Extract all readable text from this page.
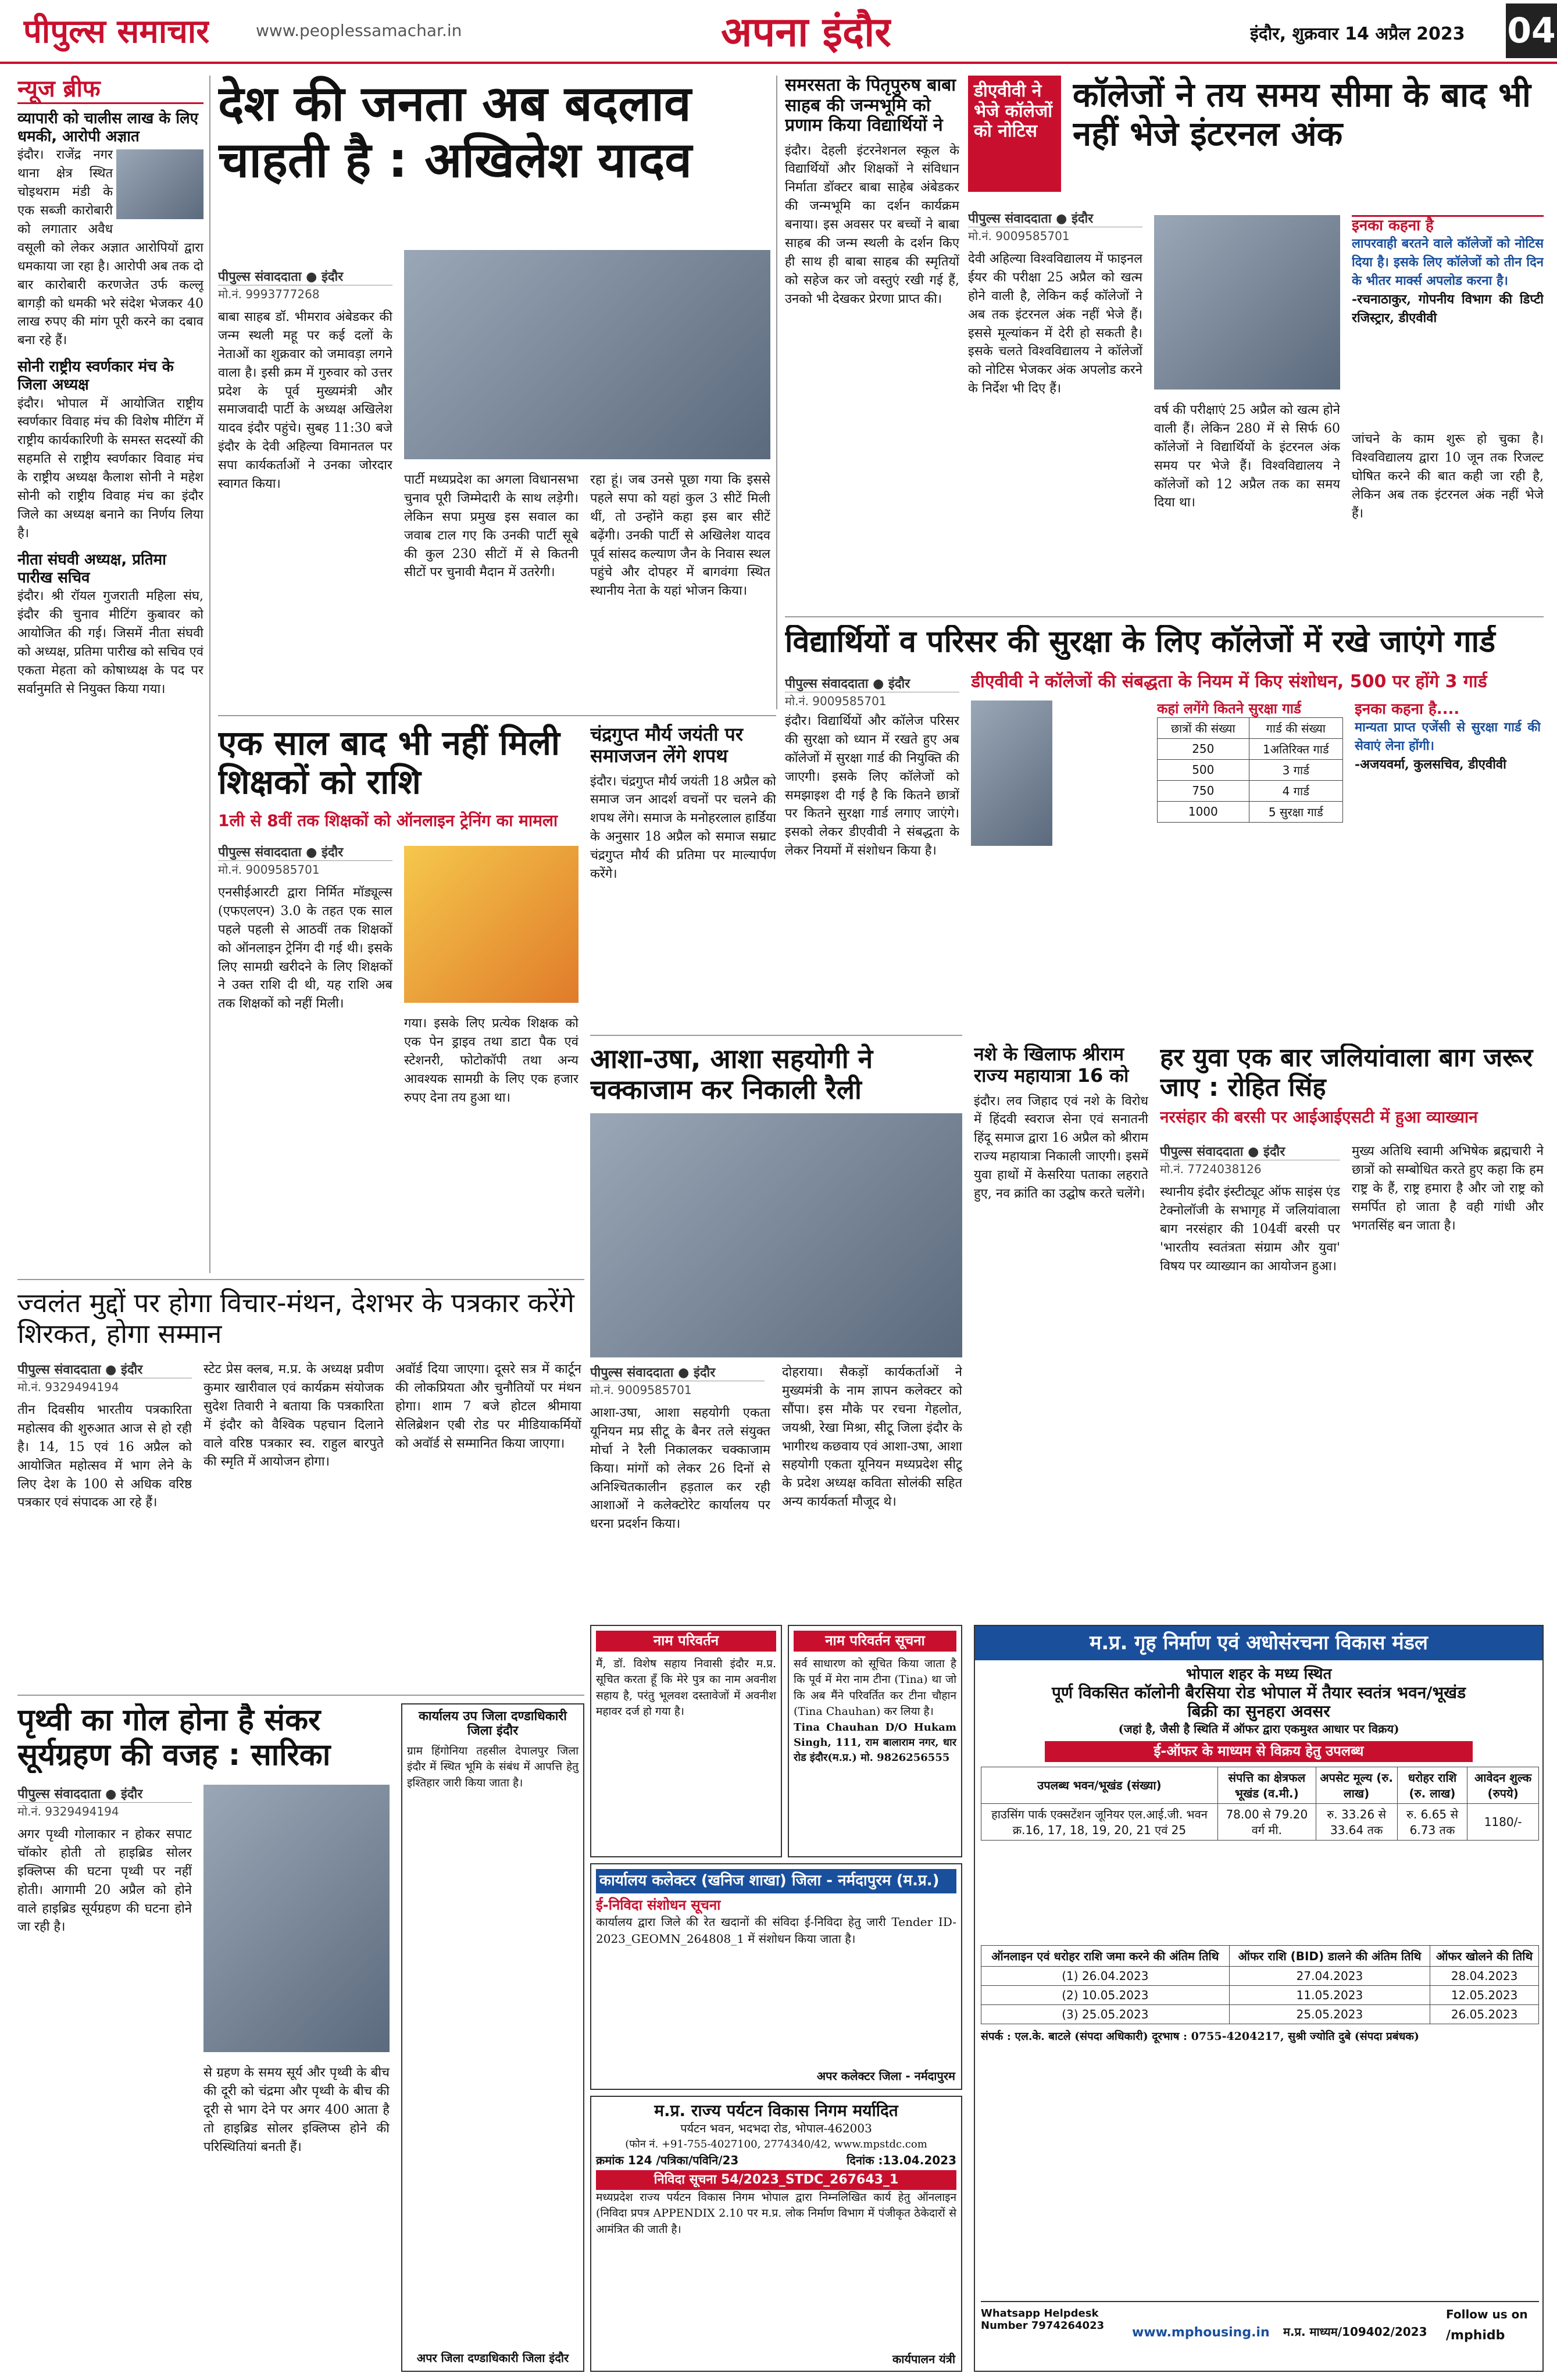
पीपुल्स समाचार	www.peoplessamachar.in	अपना इंदौर	इंदौर, शुक्रवार 14 अप्रैल 2023 04
न्यूज ब्रीफ
व्यापारी को चालीस लाख के लिए धमकी, आरोपी अज्ञात
इंदौर। राजेंद्र नगर थाना क्षेत्र स्थित चोइथराम मंडी के एक सब्जी कारोबारी को लगातार अवैध वसूली को लेकर अज्ञात आरोपियों द्वारा धमकाया जा रहा है। आरोपी अब तक दो बार कारोबारी करणजेत उर्फ कल्लू बागड़ी को धमकी भरे संदेश भेजकर 40 लाख रुपए की मांग पूरी करने का दबाव बना रहे हैं।
सोनी राष्ट्रीय स्वर्णकार मंच के जिला अध्यक्ष
इंदौर। भोपाल में आयोजित राष्ट्रीय स्वर्णकार विवाह मंच की विशेष मीटिंग में राष्ट्रीय कार्यकारिणी के समस्त सदस्यों की सहमति से राष्ट्रीय स्वर्णकार विवाह मंच के राष्ट्रीय अध्यक्ष कैलाश सोनी ने महेश सोनी को राष्ट्रीय विवाह मंच का इंदौर जिले का अध्यक्ष बनाने का निर्णय लिया है।
नीता संघवी अध्यक्ष, प्रतिमा पारीख सचिव
इंदौर। श्री रॉयल गुजराती महिला संघ, इंदौर की चुनाव मीटिंग कुबावर को आयोजित की गई। जिसमें नीता संघवी को अध्यक्ष, प्रतिमा पारीख को सचिव एवं एकता मेहता को कोषाध्यक्ष के पद पर सर्वानुमति से नियुक्त किया गया।
देश की जनता अब बदलाव चाहती है : अखिलेश यादव
पीपुल्स संवाददाता ● इंदौर
मो.नं. 9993777268
बाबा साहब डॉ. भीमराव अंबेडकर की जन्म स्थली महू पर कई दलों के नेताओं का शुक्रवार को जमावड़ा लगने वाला है। इसी क्रम में गुरुवार को उत्तर प्रदेश के पूर्व मुख्यमंत्री और समाजवादी पार्टी के अध्यक्ष अखिलेश यादव इंदौर पहुंचे। सुबह 11:30 बजे इंदौर के देवी अहिल्या विमानतल पर सपा कार्यकर्ताओं ने उनका जोरदार स्वागत किया।	पार्टी मध्यप्रदेश का अगला विधानसभा चुनाव पूरी जिम्मेदारी के साथ लड़ेगी। लेकिन सपा प्रमुख इस सवाल का जवाब टाल गए कि उनकी पार्टी सूबे की कुल 230 सीटों में से कितनी सीटों पर चुनावी मैदान में उतरेगी।
रहा हूं। जब उनसे पूछा गया कि इससे पहले सपा को यहां कुल 3 सीटें मिली थीं, तो उन्होंने कहा इस बार सीटें बढ़ेंगी। उनकी पार्टी से अखिलेश यादव पूर्व सांसद कल्याण जैन के निवास स्थल पहुंचे और दोपहर में बागवंगा स्थित स्थानीय नेता के यहां भोजन किया।
समरसता के पितृपुरुष बाबा साहब की जन्मभूमि को प्रणाम किया विद्यार्थियों ने
इंदौर। देहली इंटरनेशनल स्कूल के विद्यार्थियों और शिक्षकों ने संविधान निर्माता डॉक्टर बाबा साहेब अंबेडकर की जन्मभूमि का दर्शन कार्यक्रम बनाया। इस अवसर पर बच्चों ने बाबा साहब की जन्म स्थली के दर्शन किए ही साथ ही बाबा साहब की स्मृतियों को सहेज कर जो वस्तुएं रखी गई हैं, उनको भी देखकर प्रेरणा प्राप्त की।
डीएवीवी ने भेजे कॉलेजों को नोटिस
कॉलेजों ने तय समय सीमा के बाद भी नहीं भेजे इंटरनल अंक
पीपुल्स संवाददाता ● इंदौर
मो.नं. 9009585701
देवी अहिल्या विश्वविद्यालय में फाइनल ईयर की परीक्षा 25 अप्रैल को खत्म होने वाली है, लेकिन कई कॉलेजों ने अब तक इंटरनल अंक नहीं भेजे हैं। इससे मूल्यांकन में देरी हो सकती है। इसके चलते विश्वविद्यालय ने कॉलेजों को नोटिस भेजकर अंक अपलोड करने के निर्देश भी दिए हैं।
वर्ष की परीक्षाएं 25 अप्रैल को खत्म होने वाली हैं। लेकिन 280 में से सिर्फ 60 कॉलेजों ने विद्यार्थियों के इंटरनल अंक समय पर भेजे हैं। विश्वविद्यालय ने कॉलेजों को 12 अप्रैल तक का समय दिया था।
इनका कहना है
लापरवाही बरतने वाले कॉलेजों को नोटिस दिया है। इसके लिए कॉलेजों को तीन दिन के भीतर मार्क्स अपलोड करना है।
-रचनाठाकुर, गोपनीय विभाग की डिप्टी रजिस्ट्रार, डीएवीवी
जांचने के काम शुरू हो चुका है। विश्वविद्यालय द्वारा 10 जून तक रिजल्ट घोषित करने की बात कही जा रही है, लेकिन अब तक इंटरनल अंक नहीं भेजे हैं।
विद्यार्थियों व परिसर की सुरक्षा के लिए कॉलेजों में रखे जाएंगे गार्ड
डीएवीवी ने कॉलेजों की संबद्धता के नियम में किए संशोधन, 500 पर होंगे 3 गार्ड
पीपुल्स संवाददाता ● इंदौर
मो.नं. 9009585701
इंदौर। विद्यार्थियों और कॉलेज परिसर की सुरक्षा को ध्यान में रखते हुए अब कॉलेजों में सुरक्षा गार्ड की नियुक्ति की जाएगी। इसके लिए कॉलेजों को समझाइश दी गई है कि कितने छात्रों पर कितने सुरक्षा गार्ड लगाए जाएंगे। इसको लेकर डीएवीवी ने संबद्धता के लेकर नियमों में संशोधन किया है।
कहां लगेंगे कितने सुरक्षा गार्ड
छात्रों की संख्या	गार्ड की संख्या
250	1अतिरिक्त गार्ड
500	3 गार्ड
750	4 गार्ड
1000	5 सुरक्षा गार्ड
इनका कहना है....
मान्यता प्राप्त एजेंसी से सुरक्षा गार्ड की सेवाएं लेना होंगी।
-अजयवर्मा, कुलसचिव, डीएवीवी
एक साल बाद भी नहीं मिली शिक्षकों को राशि
1ली से 8वीं तक शिक्षकों को ऑनलाइन ट्रेनिंग का मामला
पीपुल्स संवाददाता ● इंदौर
मो.नं. 9009585701
एनसीईआरटी द्वारा निर्मित मॉड्यूल्स (एफएलएन) 3.0 के तहत एक साल पहले पहली से आठवीं तक शिक्षकों को ऑनलाइन ट्रेनिंग दी गई थी। इसके लिए सामग्री खरीदने के लिए शिक्षकों ने उक्त राशि दी थी, यह राशि अब तक शिक्षकों को नहीं मिली।
गया। इसके लिए प्रत्येक शिक्षक को एक पेन ड्राइव तथा डाटा पैक एवं स्टेशनरी, फोटोकॉपी तथा अन्य आवश्यक सामग्री के लिए एक हजार रुपए देना तय हुआ था।
चंद्रगुप्त मौर्य जयंती पर समाजजन लेंगे शपथ
इंदौर। चंद्रगुप्त मौर्य जयंती 18 अप्रैल को समाज जन आदर्श वचनों पर चलने की शपथ लेंगे। समाज के मनोहरलाल हार्डिया के अनुसार 18 अप्रैल को समाज सम्राट चंद्रगुप्त मौर्य की प्रतिमा पर माल्यार्पण करेंगे।
आशा-उषा, आशा सहयोगी ने चक्काजाम कर निकाली रैली
पीपुल्स संवाददाता ● इंदौर
मो.नं. 9009585701
आशा-उषा, आशा सहयोगी एकता यूनियन मप्र सीटू के बैनर तले संयुक्त मोर्चा ने रैली निकालकर चक्काजाम किया। मांगों को लेकर 26 दिनों से अनिश्चितकालीन हड़ताल कर रही आशाओं ने कलेक्टोरेट कार्यालय पर धरना प्रदर्शन किया।
दोहराया। सैकड़ों कार्यकर्ताओं ने मुख्यमंत्री के नाम ज्ञापन कलेक्टर को सौंपा। इस मौके पर रचना गेहलोत, जयश्री, रेखा मिश्रा, सीटू जिला इंदौर के भागीरथ कछवाय एवं आशा-उषा, आशा सहयोगी एकता यूनियन मध्यप्रदेश सीटू के प्रदेश अध्यक्ष कविता सोलंकी सहित अन्य कार्यकर्ता मौजूद थे।
नशे के खिलाफ श्रीराम राज्य महायात्रा 16 को
इंदौर। लव जिहाद एवं नशे के विरोध में हिंदवी स्वराज सेना एवं सनातनी हिंदू समाज द्वारा 16 अप्रैल को श्रीराम राज्य महायात्रा निकाली जाएगी। इसमें युवा हाथों में केसरिया पताका लहराते हुए, नव क्रांति का उद्घोष करते चलेंगे।
हर युवा एक बार जलियांवाला बाग जरूर जाए : रोहित सिंह
नरसंहार की बरसी पर आईआईएसटी में हुआ व्याख्यान
पीपुल्स संवाददाता ● इंदौर
मो.नं. 7724038126
स्थानीय इंदौर इंस्टीट्यूट ऑफ साइंस एंड टेक्नोलॉजी के सभागृह में जलियांवाला बाग नरसंहार की 104वीं बरसी पर 'भारतीय स्वतंत्रता संग्राम और युवा' विषय पर व्याख्यान का आयोजन हुआ।
मुख्य अतिथि स्वामी अभिषेक ब्रह्मचारी ने छात्रों को सम्बोधित करते हुए कहा कि हम राष्ट्र के हैं, राष्ट्र हमारा है और जो राष्ट्र को समर्पित हो जाता है वही गांधी और भगतसिंह बन जाता है।
ज्वलंत मुद्दों पर होगा विचार-मंथन, देशभर के पत्रकार करेंगे शिरकत, होगा सम्मान
पीपुल्स संवाददाता ● इंदौर
मो.नं. 9329494194
तीन दिवसीय भारतीय पत्रकारिता महोत्सव की शुरुआत आज से हो रही है। 14, 15 एवं 16 अप्रैल को आयोजित महोत्सव में भाग लेने के लिए देश के 100 से अधिक वरिष्ठ पत्रकार एवं संपादक आ रहे हैं।
स्टेट प्रेस क्लब, म.प्र. के अध्यक्ष प्रवीण कुमार खारीवाल एवं कार्यक्रम संयोजक सुदेश तिवारी ने बताया कि पत्रकारिता में इंदौर को वैश्विक पहचान दिलाने वाले वरिष्ठ पत्रकार स्व. राहुल बारपुते की स्मृति में आयोजन होगा।
अवॉर्ड दिया जाएगा। दूसरे सत्र में कार्टून की लोकप्रियता और चुनौतियों पर मंथन होगा। शाम 7 बजे होटल श्रीमाया सेलिब्रेशन एबी रोड पर मीडियाकर्मियों को अवॉर्ड से सम्मानित किया जाएगा।
पृथ्वी का गोल होना है संकर सूर्यग्रहण की वजह : सारिका
पीपुल्स संवाददाता ● इंदौर
मो.नं. 9329494194
अगर पृथ्वी गोलाकार न होकर सपाट चॉकोर होती तो हाइब्रिड सोलर इक्लिप्स की घटना पृथ्वी पर नहीं होती। आगामी 20 अप्रैल को होने वाले हाइब्रिड सूर्यग्रहण की घटना होने जा रही है।
से ग्रहण के समय सूर्य और पृथ्वी के बीच की दूरी को चंद्रमा और पृथ्वी के बीच की दूरी से भाग देने पर अगर 400 आता है तो हाइब्रिड सोलर इक्लिप्स होने की परिस्थितियां बनती हैं।
कार्यालय उप जिला दण्डाधिकारी जिला इंदौर
ग्राम हिंगोनिया तहसील देपालपुर जिला इंदौर में स्थित भूमि के संबंध में आपत्ति हेतु इश्तिहार जारी किया जाता है।
अपर जिला दण्डाधिकारी जिला इंदौर
नाम परिवर्तन
मैं, डॉ. विशेष सहाय निवासी इंदौर म.प्र. सूचित करता हूँ कि मेरे पुत्र का नाम अवनीश सहाय है, परंतु भूलवश दस्तावेजों में अवनीश महावर दर्ज हो गया है।
नाम परिवर्तन सूचना
सर्व साधारण को सूचित किया जाता है कि पूर्व में मेरा नाम टीना (Tina) था जो कि अब मैंने परिवर्तित कर टीना चौहान (Tina Chauhan) कर लिया है।
Tina Chauhan D/O Hukam Singh, 111, राम बालाराम नगर, धार रोड इंदौर(म.प्र.) मो. 9826256555
कार्यालय कलेक्टर (खनिज शाखा) जिला - नर्मदापुरम (म.प्र.)
ई-निविदा संशोधन सूचना
कार्यालय द्वारा जिले की रेत खदानों की संविदा ई-निविदा हेतु जारी Tender ID- 2023_GEOMN_264808_1 में संशोधन किया जाता है।
अपर कलेक्टर जिला - नर्मदापुरम
म.प्र. राज्य पर्यटन विकास निगम मर्यादित
पर्यटन भवन, भदभदा रोड, भोपाल-462003
(फोन नं. +91-755-4027100, 2774340/42, www.mpstdc.com
क्रमांक 124 /पत्रिका/पविनि/23	दिनांक :13.04.2023
निविदा सूचना 54/2023_STDC_267643_1
मध्यप्रदेश राज्य पर्यटन विकास निगम भोपाल द्वारा निम्नलिखित कार्य हेतु ऑनलाइन (निविदा प्रपत्र APPENDIX 2.10 पर म.प्र. लोक निर्माण विभाग में पंजीकृत ठेकेदारों से आमंत्रित की जाती है।
कार्यपालन यंत्री
म.प्र. गृह निर्माण एवं अधोसंरचना विकास मंडल
भोपाल शहर के मध्य स्थित
पूर्ण विकसित कॉलोनी बैरसिया रोड भोपाल में तैयार स्वतंत्र भवन/भूखंड बिक्री का सुनहरा अवसर
(जहां है, जैसी है स्थिति में ऑफर द्वारा एकमुश्त आधार पर विक्रय)
ई-ऑफर के माध्यम से विक्रय हेतु उपलब्ध
उपलब्ध भवन/भूखंड (संख्या)	संपत्ति का क्षेत्रफल भूखंड (व.मी.)	अपसेट मूल्य (रु. लाख)	धरोहर राशि (रु. लाख)	आवेदन शुल्क (रुपये)
हाउसिंग पार्क एक्सटेंशन जूनियर एल.आई.जी. भवन क्र.16, 17, 18, 19, 20, 21 एवं 25	78.00 से 79.20 वर्ग मी.	रु. 33.26 से 33.64 तक	रु. 6.65 से 6.73 तक	1180/-
ऑनलाइन एवं धरोहर राशि जमा करने की अंतिम तिथि	ऑफर राशि (BID) डालने की अंतिम तिथि	ऑफर खोलने की तिथि
(1) 26.04.2023	27.04.2023	28.04.2023
(2) 10.05.2023	11.05.2023	12.05.2023
(3) 25.05.2023	25.05.2023	26.05.2023
संपर्क : एल.के. बाटले (संपदा अधिकारी) दूरभाष : 0755-4204217, सुश्री ज्योति दुबे (संपदा प्रबंधक)
Whatsapp Helpdesk Number 7974264023	www.mphousing.in म.प्र. माध्यम/109402/2023
Follow us on
/mphidb
